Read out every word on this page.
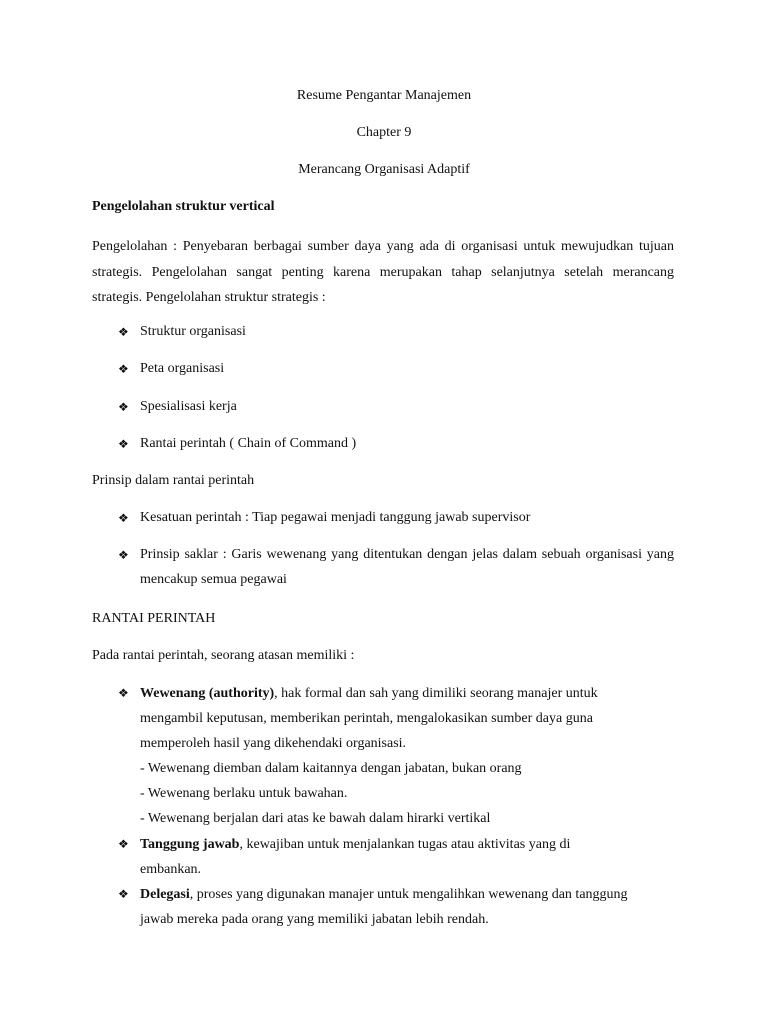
Resume Pengantar Manajemen
Chapter 9
Merancang Organisasi Adaptif
Pengelolahan struktur vertical
Pengelolahan : Penyebaran berbagai sumber daya yang ada di organisasi untuk mewujudkan tujuan strategis. Pengelolahan sangat penting karena merupakan tahap selanjutnya setelah merancang strategis. Pengelolahan struktur strategis :
❖ Struktur organisasi
❖ Peta organisasi
❖ Spesialisasi kerja
❖ Rantai perintah ( Chain of Command )
Prinsip dalam rantai perintah
❖ Kesatuan perintah : Tiap pegawai menjadi tanggung jawab supervisor
❖ Prinsip saklar : Garis wewenang yang ditentukan dengan jelas dalam sebuah organisasi yang mencakup semua pegawai
RANTAI PERINTAH
Pada rantai perintah, seorang atasan memiliki :
❖ Wewenang (authority), hak formal dan sah yang dimiliki seorang manajer untuk mengambil keputusan, memberikan perintah, mengalokasikan sumber daya guna memperoleh hasil yang dikehendaki organisasi.
- Wewenang diemban dalam kaitannya dengan jabatan, bukan orang
- Wewenang berlaku untuk bawahan.
- Wewenang berjalan dari atas ke bawah dalam hirarki vertikal
❖ Tanggung jawab, kewajiban untuk menjalankan tugas atau aktivitas yang di embankan.
❖ Delegasi, proses yang digunakan manajer untuk mengalihkan wewenang dan tanggung jawab mereka pada orang yang memiliki jabatan lebih rendah.
